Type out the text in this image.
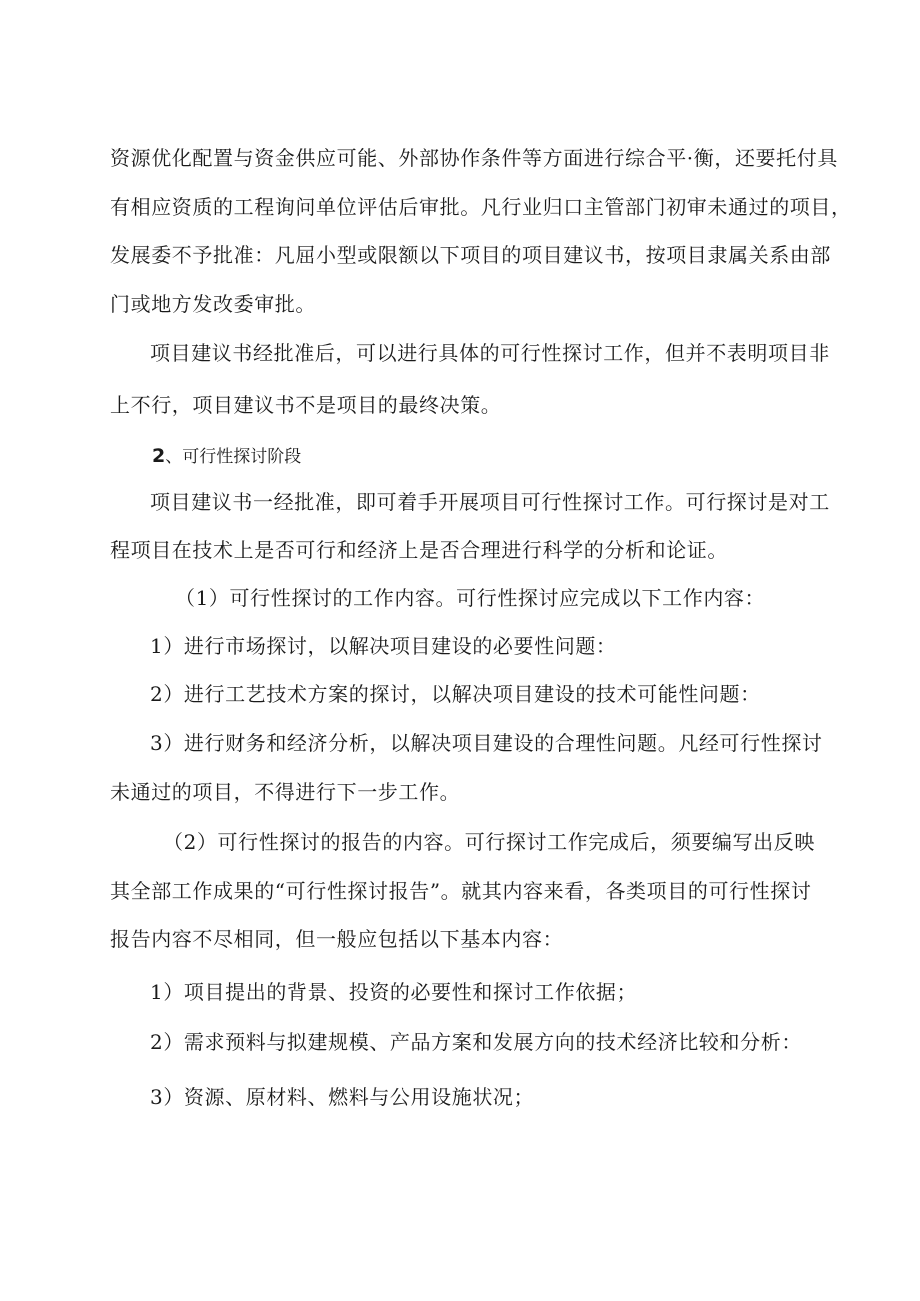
资源优化配置与资金供应可能、外部协作条件等方面进行综合平·衡，还要托付具
有相应资质的工程询问单位评估后审批。凡行业归口主管部门初审未通过的项目，
发展委不予批准：凡屈小型或限额以下项目的项目建议书，按项目隶属关系由部
门或地方发改委审批。
项目建议书经批准后，可以进行具体的可行性探讨工作，但并不表明项目非
上不行，项目建议书不是项目的最终决策。
2、可行性探讨阶段
项目建议书一经批准，即可着手开展项目可行性探讨工作。可行探讨是对工
程项目在技术上是否可行和经济上是否合理进行科学的分析和论证。
（1）可行性探讨的工作内容。可行性探讨应完成以下工作内容：
1）进行市场探讨，以解决项目建设的必要性问题：
2）进行工艺技术方案的探讨，以解决项目建设的技术可能性问题：
3）进行财务和经济分析，以解决项目建设的合理性问题。凡经可行性探讨
未通过的项目，不得进行下一步工作。
（2）可行性探讨的报告的内容。可行探讨工作完成后，须要编写出反映
其全部工作成果的“可行性探讨报告”。就其内容来看，各类项目的可行性探讨
报告内容不尽相同，但一般应包括以下基本内容：
1）项目提出的背景、投资的必要性和探讨工作依据；
2）需求预料与拟建规模、产品方案和发展方向的技术经济比较和分析：
3）资源、原材料、燃料与公用设施状况；
